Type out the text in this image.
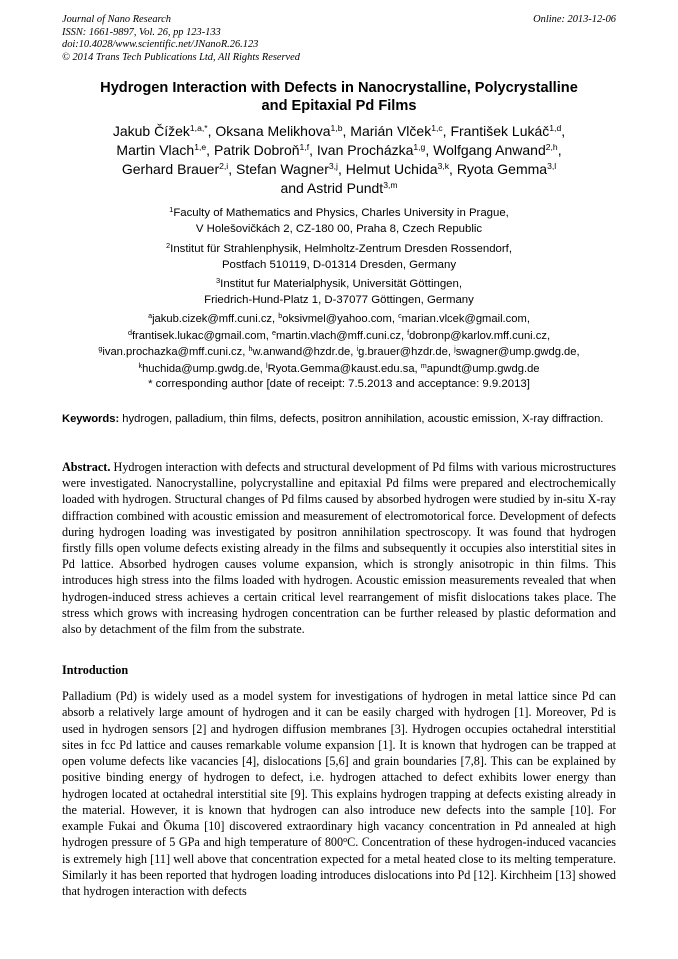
Journal of Nano Research
ISSN: 1661-9897, Vol. 26, pp 123-133
doi:10.4028/www.scientific.net/JNanoR.26.123
© 2014 Trans Tech Publications Ltd, All Rights Reserved
Online: 2013-12-06
Hydrogen Interaction with Defects in Nanocrystalline, Polycrystalline
and Epitaxial Pd Films
Jakub Čížek$^{1,a,*}$, Oksana Melikhova$^{1,b}$, Marián Vlček$^{1,c}$, František Lukáč$^{1,d}$,
Martin Vlach$^{1,e}$, Patrik Dobroň$^{1,f}$, Ivan Procházka$^{1,g}$, Wolfgang Anwand$^{2,h}$,
Gerhard Brauer$^{2,i}$, Stefan Wagner$^{3,j}$, Helmut Uchida$^{3,k}$, Ryota Gemma$^{3,l}$
and Astrid Pundt$^{3,m}$
$^1$Faculty of Mathematics and Physics, Charles University in Prague,
V Holešovičkách 2, CZ-180 00, Praha 8, Czech Republic
$^2$Institut für Strahlenphysik, Helmholtz-Zentrum Dresden Rossendorf,
Postfach 510119, D-01314 Dresden, Germany
$^3$Institut fur Materialphysik, Universität Göttingen,
Friedrich-Hund-Platz 1, D-37077 Göttingen, Germany
$^a$jakub.cizek@mff.cuni.cz, $^b$oksivmel@yahoo.com, $^c$marian.vlcek@gmail.com,
$^d$frantisek.lukac@gmail.com, $^e$martin.vlach@mff.cuni.cz, $^f$dobronp@karlov.mff.cuni.cz,
$^g$ivan.prochazka@mff.cuni.cz, $^h$w.anwand@hzdr.de, $^i$g.brauer@hzdr.de, $^j$swagner@ump.gwdg.de,
$^k$huchida@ump.gwdg.de, $^l$Ryota.Gemma@kaust.edu.sa, $^m$apundt@ump.gwdg.de
* corresponding author [date of receipt: 7.5.2013 and acceptance: 9.9.2013]
Keywords: hydrogen, palladium, thin films, defects, positron annihilation, acoustic emission, X-ray diffraction.
Abstract. Hydrogen interaction with defects and structural development of Pd films with various microstructures were investigated. Nanocrystalline, polycrystalline and epitaxial Pd films were prepared and electrochemically loaded with hydrogen. Structural changes of Pd films caused by absorbed hydrogen were studied by in-situ X-ray diffraction combined with acoustic emission and measurement of electromotorical force. Development of defects during hydrogen loading was investigated by positron annihilation spectroscopy. It was found that hydrogen firstly fills open volume defects existing already in the films and subsequently it occupies also interstitial sites in Pd lattice. Absorbed hydrogen causes volume expansion, which is strongly anisotropic in thin films. This introduces high stress into the films loaded with hydrogen. Acoustic emission measurements revealed that when hydrogen-induced stress achieves a certain critical level rearrangement of misfit dislocations takes place. The stress which grows with increasing hydrogen concentration can be further released by plastic deformation and also by detachment of the film from the substrate.
Introduction
Palladium (Pd) is widely used as a model system for investigations of hydrogen in metal lattice since Pd can absorb a relatively large amount of hydrogen and it can be easily charged with hydrogen [1]. Moreover, Pd is used in hydrogen sensors [2] and hydrogen diffusion membranes [3]. Hydrogen occupies octahedral interstitial sites in fcc Pd lattice and causes remarkable volume expansion [1]. It is known that hydrogen can be trapped at open volume defects like vacancies [4], dislocations [5,6] and grain boundaries [7,8]. This can be explained by positive binding energy of hydrogen to defect, i.e. hydrogen attached to defect exhibits lower energy than hydrogen located at octahedral interstitial site [9]. This explains hydrogen trapping at defects existing already in the material. However, it is known that hydrogen can also introduce new defects into the sample [10]. For example Fukai and Ōkuma [10] discovered extraordinary high vacancy concentration in Pd annealed at high hydrogen pressure of 5 GPa and high temperature of 800$^o$C. Concentration of these hydrogen-induced vacancies is extremely high [11] well above that concentration expected for a metal heated close to its melting temperature. Similarly it has been reported that hydrogen loading introduces dislocations into Pd [12]. Kirchheim [13] showed that hydrogen interaction with defects
